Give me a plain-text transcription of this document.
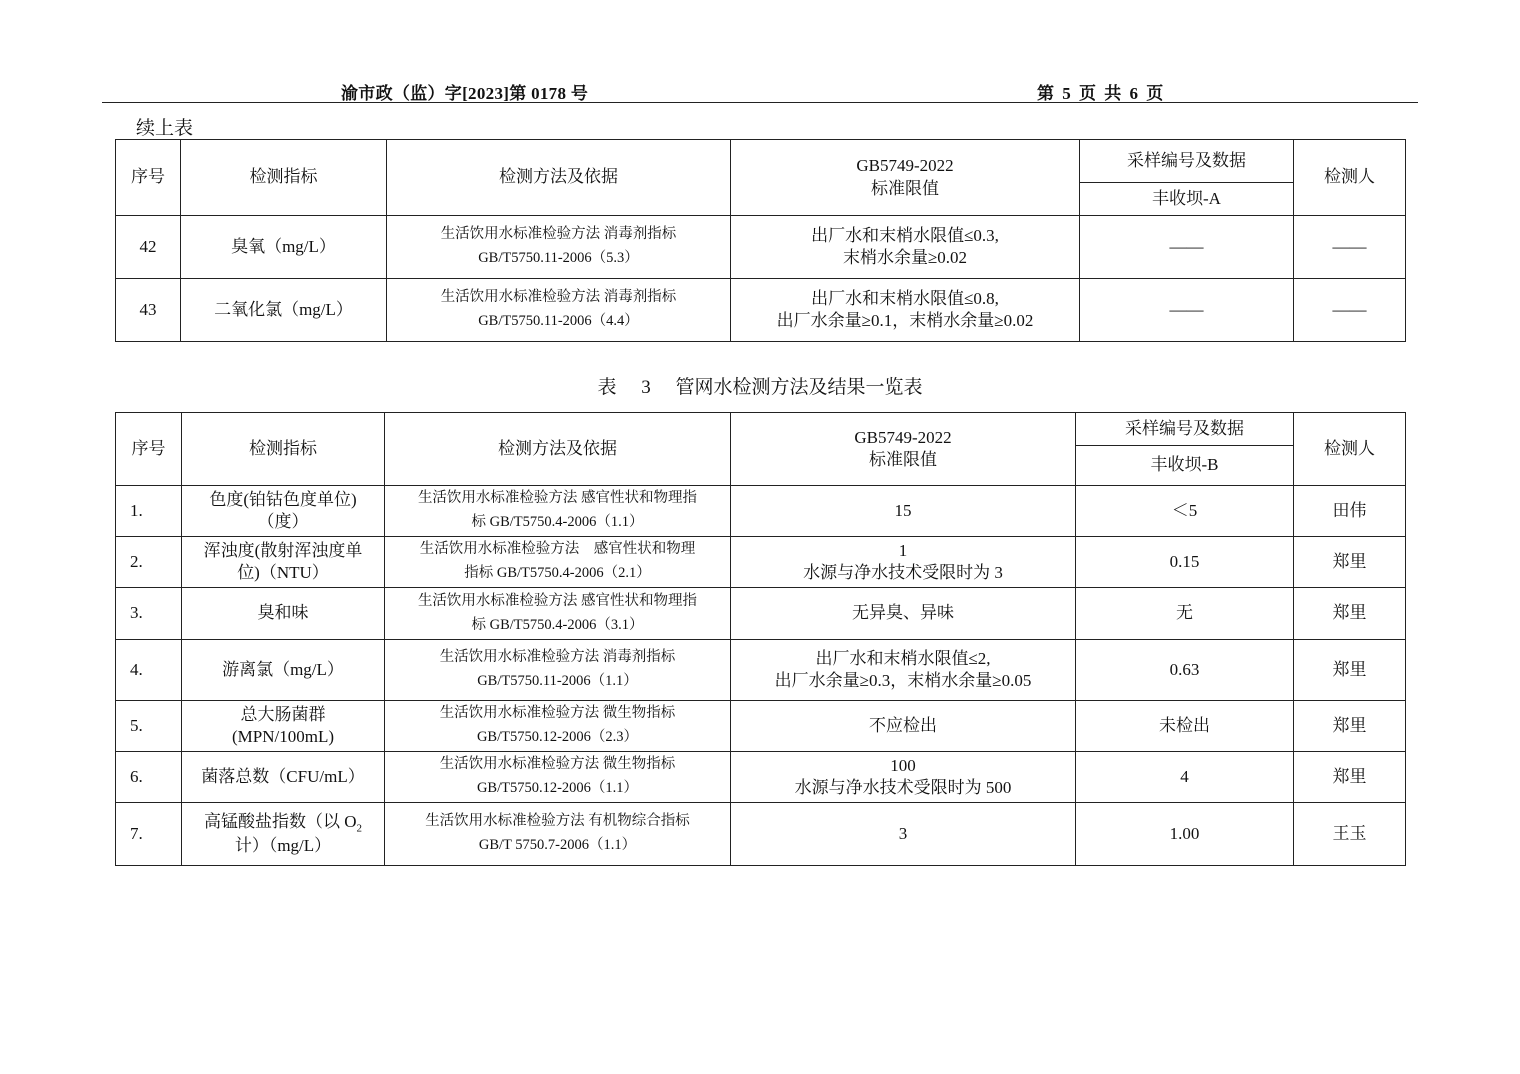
渝市政（监）字[2023]第 0178 号	第 5 页 共 6 页
续上表
序号	检测指标	检测方法及依据	GB5749-2022
标准限值	采样编号及数据	检测人
				丰收坝-A	
42	臭氧（mg/L）	生活饮用水标准检验方法 消毒剂指标
GB/T5750.11-2006（5.3）	出厂水和末梢水限值≤0.3,
末梢水余量≥0.02	——	——
43	二氧化氯（mg/L）	生活饮用水标准检验方法 消毒剂指标
GB/T5750.11-2006（4.4）	出厂水和末梢水限值≤0.8,
出厂水余量≥0.1，末梢水余量≥0.02	——	——
表 3 管网水检测方法及结果一览表
序号	检测指标	检测方法及依据	GB5749-2022
标准限值	采样编号及数据	检测人
				丰收坝-B	
1.	色度(铂钴色度单位)
（度）	生活饮用水标准检验方法 感官性状和物理指
标 GB/T5750.4-2006（1.1）	15	＜5	田伟
2.	浑浊度(散射浑浊度单
位)（NTU）	生活饮用水标准检验方法　感官性状和物理
指标 GB/T5750.4-2006（2.1）	1
水源与净水技术受限时为 3	0.15	郑里
3.	臭和味	生活饮用水标准检验方法 感官性状和物理指
标 GB/T5750.4-2006（3.1）	无异臭、异味	无	郑里
4.	游离氯（mg/L）	生活饮用水标准检验方法 消毒剂指标
GB/T5750.11-2006（1.1）	出厂水和末梢水限值≤2,
出厂水余量≥0.3，末梢水余量≥0.05	0.63	郑里
5.	总大肠菌群
(MPN/100mL)	生活饮用水标准检验方法 微生物指标
GB/T5750.12-2006（2.3）	不应检出	未检出	郑里
6.	菌落总数（CFU/mL）	生活饮用水标准检验方法 微生物指标
GB/T5750.12-2006（1.1）	100
水源与净水技术受限时为 500	4	郑里
7.	高锰酸盐指数（以 $O_2$
计）（mg/L）	生活饮用水标准检验方法 有机物综合指标
GB/T 5750.7-2006（1.1）	3	1.00	王玉
